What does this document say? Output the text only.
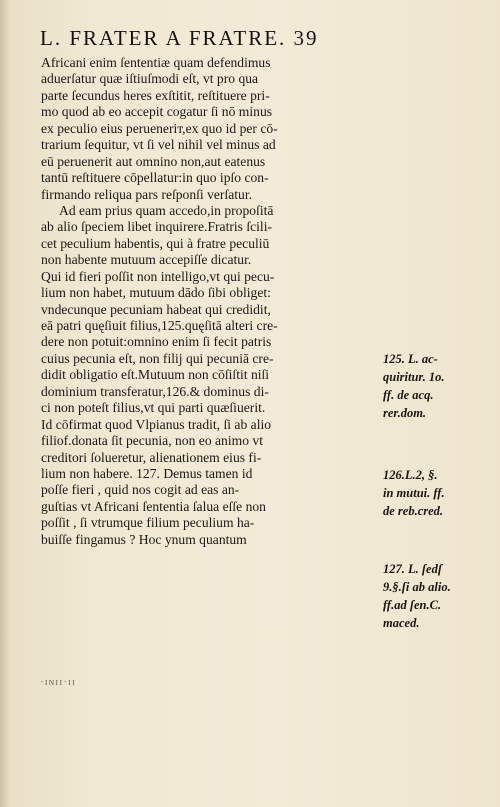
L. FRATER A FRATRE. 39
Africani enim ſententiæ quam defendimus
aduerſatur quæ iſtiuſmodi eſt, vt pro qua
parte ſecundus heres exſtitit, reſtituere pri-
mo quod ab eo accepit cogatur ſi nō minus
ex peculio eius perueneriт,ex quo id per cō-
trarium ſequitur, vt ſi vel nihil vel minus ad
eū peruenerit aut omnino non,aut eatenus
tantū reſtituere cōpellatur:in quo ipſo con-
firmando reliqua pars reſponſi verſatur.
Ad eam prius quam accedo,in propoſitā
ab alio ſpeciem libet inquirere.Fratris ſcili-
cet peculium habentis, qui à fratre peculiū
non habente mutuum accepiſſe dicatur.
Qui id fieri poſſit non intelligo,vt qui pecu-
lium non habet, mutuum dādo ſibi obliget:
vndecunque pecuniam habeat qui credidit,
eā patri quęſiuit filius,125.quęſitā alteri cre-
dere non potuit:omnino enim ſi fecit patris
cuius pecunia eſt, non filij qui pecuniā cre-
didit obligatio eſt.Mutuum non cōſiſtit niſi
dominium transferatur,126.& dominus di-
ci non poteſt filius,vt qui parti quæſiuerit.
Id cōfirmat quod Vlpianus tradit, ſi ab alio
filiof.donata ſit pecunia, non eo animo vt
creditori ſolueretur, alienationem eius fi-
lium non habere. 127. Demus tamen id
poſſe fieri , quid nos cogit ad eas an-
guſtias vt Africani ſententia ſalua eſſe non
poſſit , ſi vtrumque filium peculium ha-
buiſſe fingamus ? Hoc ynum quantum
125. L. ac-
quiritur. 1o.
ff. de acq.
rer.dom.
126.L.2, §.
in mutui. ff.
de reb.cred.
127. L. ſedſ
9.§.ſi ab alio.
ff.ad ſen.C.
maced.
·ɪɴɪɪ·ɪɪ
